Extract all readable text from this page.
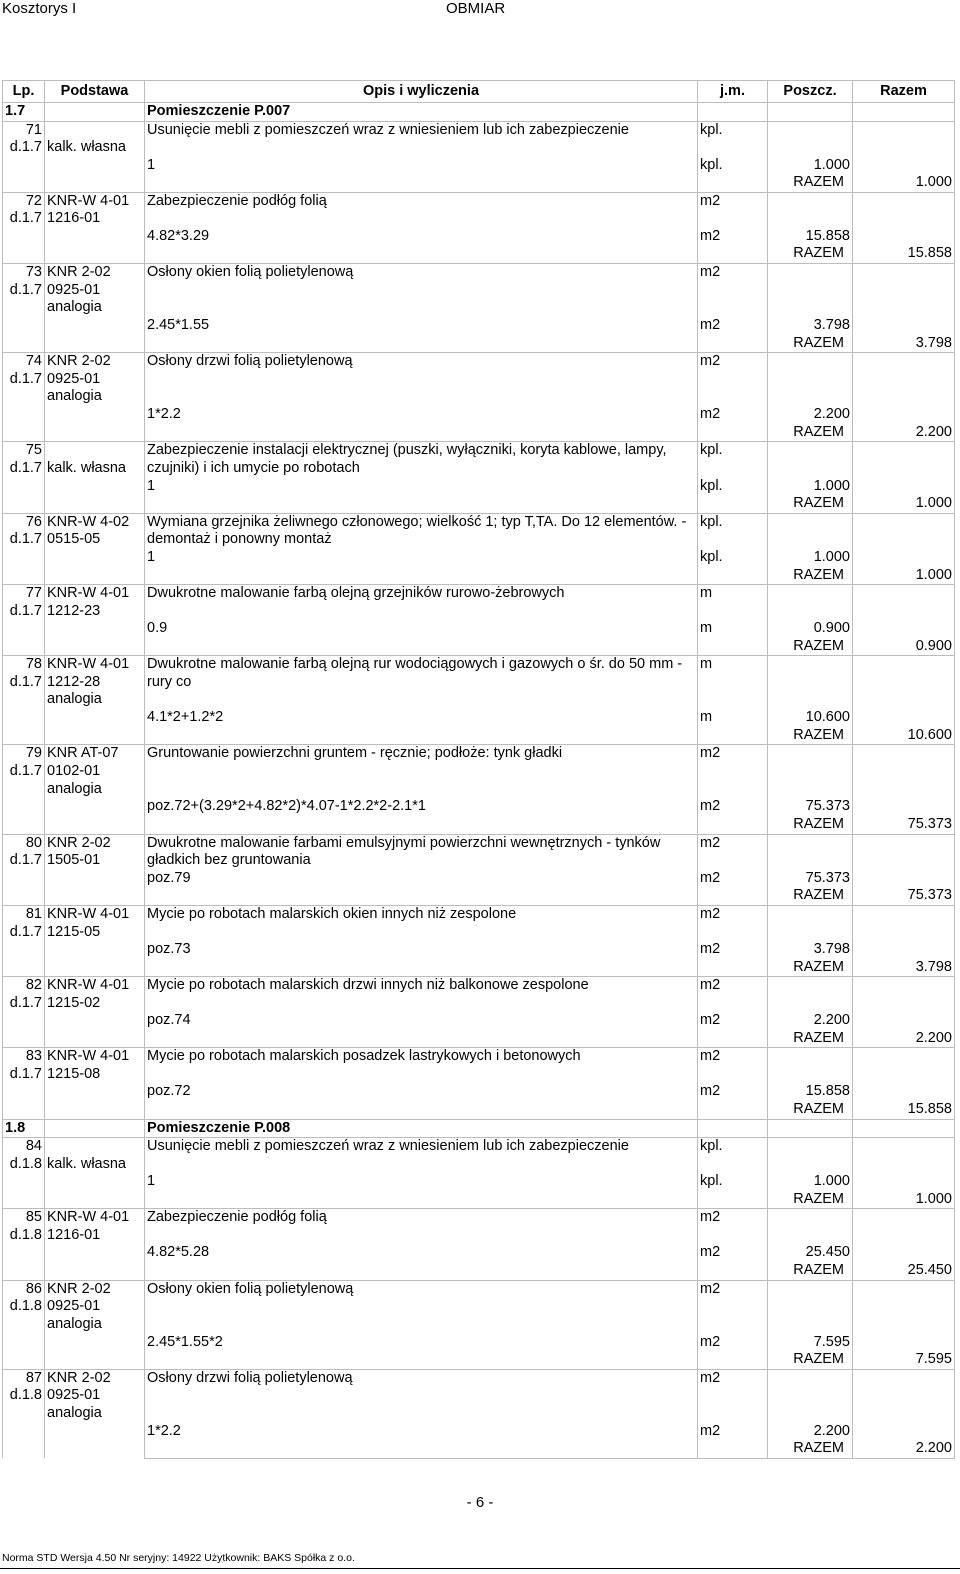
Kosztorys I	OBMIAR
Lp.	Podstawa	Opis i wyliczenia	j.m.	Poszcz.	Razem
1.7		Pomieszczenie P.007			
71
d.1.7	
kalk. własna	Usunięcie mebli z pomieszczeń wraz z wniesieniem lub ich zabezpieczenie	kpl.		
		1	kpl.	1.000	
				RAZEM	1.000
72
d.1.7	KNR-W 4-01
1216-01	Zabezpieczenie podłóg folią	m2		
		4.82*3.29	m2	15.858	
				RAZEM	15.858
73
d.1.7	KNR 2-02
0925-01
analogia	Osłony okien folią polietylenową	m2		
		2.45*1.55	m2	3.798	
				RAZEM	3.798
74
d.1.7	KNR 2-02
0925-01
analogia	Osłony drzwi folią polietylenową	m2		
		1*2.2	m2	2.200	
				RAZEM	2.200
75
d.1.7	
kalk. własna	Zabezpieczenie instalacji elektrycznej (puszki, wyłączniki, koryta kablowe, lampy, czujniki) i ich umycie po robotach	kpl.		
		1	kpl.	1.000	
				RAZEM	1.000
76
d.1.7	KNR-W 4-02
0515-05	Wymiana grzejnika żeliwnego członowego; wielkość 1; typ T,TA. Do 12 elementów. - demontaż i ponowny montaż	kpl.		
		1	kpl.	1.000	
				RAZEM	1.000
77
d.1.7	KNR-W 4-01
1212-23	Dwukrotne malowanie farbą olejną grzejników rurowo-żebrowych	m		
		0.9	m	0.900	
				RAZEM	0.900
78
d.1.7	KNR-W 4-01
1212-28
analogia	Dwukrotne malowanie farbą olejną rur wodociągowych i gazowych o śr. do 50 mm - rury co	m		
		4.1*2+1.2*2	m	10.600	
				RAZEM	10.600
79
d.1.7	KNR AT-07
0102-01
analogia	Gruntowanie powierzchni gruntem - ręcznie; podłoże: tynk gładki	m2		
		poz.72+(3.29*2+4.82*2)*4.07-1*2.2*2-2.1*1	m2	75.373	
				RAZEM	75.373
80
d.1.7	KNR 2-02
1505-01	Dwukrotne malowanie farbami emulsyjnymi powierzchni wewnętrznych - tynków gładkich bez gruntowania	m2		
		poz.79	m2	75.373	
				RAZEM	75.373
81
d.1.7	KNR-W 4-01
1215-05	Mycie po robotach malarskich okien innych niż zespolone	m2		
		poz.73	m2	3.798	
				RAZEM	3.798
82
d.1.7	KNR-W 4-01
1215-02	Mycie po robotach malarskich drzwi innych niż balkonowe zespolone	m2		
		poz.74	m2	2.200	
				RAZEM	2.200
83
d.1.7	KNR-W 4-01
1215-08	Mycie po robotach malarskich posadzek lastrykowych i betonowych	m2		
		poz.72	m2	15.858	
				RAZEM	15.858
1.8		Pomieszczenie P.008			
84
d.1.8	
kalk. własna	Usunięcie mebli z pomieszczeń wraz z wniesieniem lub ich zabezpieczenie	kpl.		
		1	kpl.	1.000	
				RAZEM	1.000
85
d.1.8	KNR-W 4-01
1216-01	Zabezpieczenie podłóg folią	m2		
		4.82*5.28	m2	25.450	
				RAZEM	25.450
86
d.1.8	KNR 2-02
0925-01
analogia	Osłony okien folią polietylenową	m2		
		2.45*1.55*2	m2	7.595	
				RAZEM	7.595
87
d.1.8	KNR 2-02
0925-01
analogia	Osłony drzwi folią polietylenową	m2		
		1*2.2	m2	2.200	
				RAZEM	2.200
- 6 -
Norma STD Wersja 4.50 Nr seryjny: 14922 Użytkownik: BAKS Spółka z o.o.
